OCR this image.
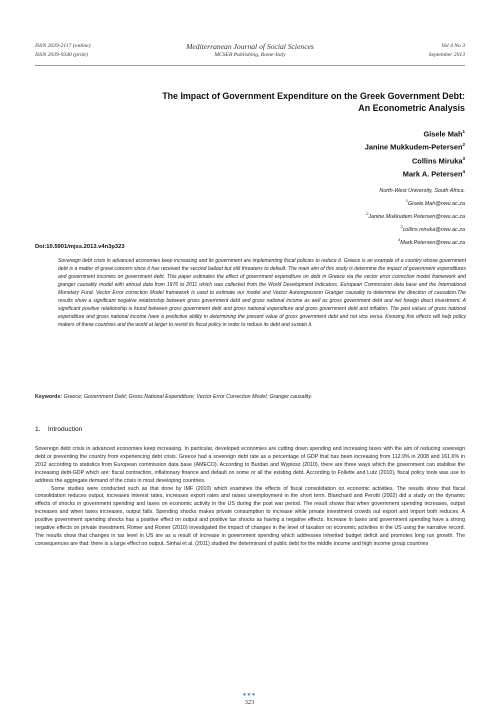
ISSN 2039-2117 (online)
ISSN 2039-9340 (print)
Mediterranean Journal of Social Sciences
MCSER Publishing, Rome-Italy
Vol 4 No 3
September 2013
The Impact of Government Expenditure on the Greek Government Debt:
An Econometric Analysis
Gisele Mah$^1$
Janine Mukkudem-Petersen$^2$
Collins Miruka$^3$
Mark A. Petersen$^4$
North-West University, South Africa.
$^1$Gisele.Mah@nwu.ac.za
$^2$Janine.Mukkudem.Petersen@nwu.ac.za
$^3$collins.miruka@nwu.ac.za
$^4$Mark.Petersen@nwu.ac.za
Doi:10.5901/mjss.2013.v4n3p323
Sovereign debt crisis in advanced economies keep increasing and its government are implementing fiscal policies to reduce it. Greece is an example of a country whose government debt is a matter of grave concern since it has received the second bailout but still threatens to default. The main aim of this study is determine the impact of government expenditures and government incomes on government debt. This paper estimates the effect of government expenditure on debt in Greece via the vector error correction model framework and granger causality model with annual data from 1976 to 2011 which was collected from the World Development Indicators, European Commission data base and the International Monetary Fund. Vector Error correction Model framework is used to estimate our model and Vector Autoregression Granger causality to determine the direction of causation.The results show a significant negative relationship between gross government debt and gross national income as well as gross government debt and net foreign direct investment. A significant positive relationship is found between gross government debt and gross national expenditure and gross government debt and inflation. The past values of gross national expenditure and gross national income have a predictive ability in determining the present value of gross government debt and not vice versa. Knowing this effects will help policy makers of these countries and the world at larger to revisit its fiscal policy in order to reduce its debt and sustain it.
Keywords: Greece; Government Debt; Gross National Expenditure; Vector Error Correction Model; Granger causality.
1. Introduction

Sovereign debt crisis in advanced economies keep increasing. In particular, developed economies are cutting down spending and increasing taxes with the aim of reducing sovereign debt or preventing the country from experiencing debt crisis. Greece had a sovereign debt rate as a percentage of GDP that has been increasing from 112.9% in 2008 and 161.6% in 2012 according to statistics from European commission data base (AMECO). According to Burdan and Wyplosz (2010), there are three ways which the government can stabilise the increasing debt-GDP which are: fiscal contraction, inflationary finance and default on some or all the existing debt. According to Follette and Lutz (2010), fiscal policy tools was use to address the aggregate demand of the crisis in most developing countries.

Some studies were conducted such as that done by IMF (2010) which examines the effects of fiscal consolidation on economic activities. The results show that fiscal consolidation reduces output, increases interest rates, increases export rates and raises unemployment in the short term. Blanchard and Perotti (2002) did a study on the dynamic effects of shocks in government spending and taxes on economic activity in the US during the post war period. The result shows that when government spending increases, output increases and when taxes increases, output falls. Spending shocks makes private consumption to increase while private investment crowds out export and import both reduces. A positive government spending shocks has a positive effect on output and positive tax shocks as having a negative effects. Increase in taxes and government spending have a strong negative effects on private investment. Romer and Romer (2010) investigated the impact of changes in the level of taxation on economic activities in the US using the narrative record. The results show that changes in tax level in US are as a result of increase in government spending which addresses inherited budget deficit and promotes long run growth. The consequences are that: there is a large effect on output. Sinhal et al. (2011) studied the determinant of public debt for the middle income and high income group countries

●●●
323
